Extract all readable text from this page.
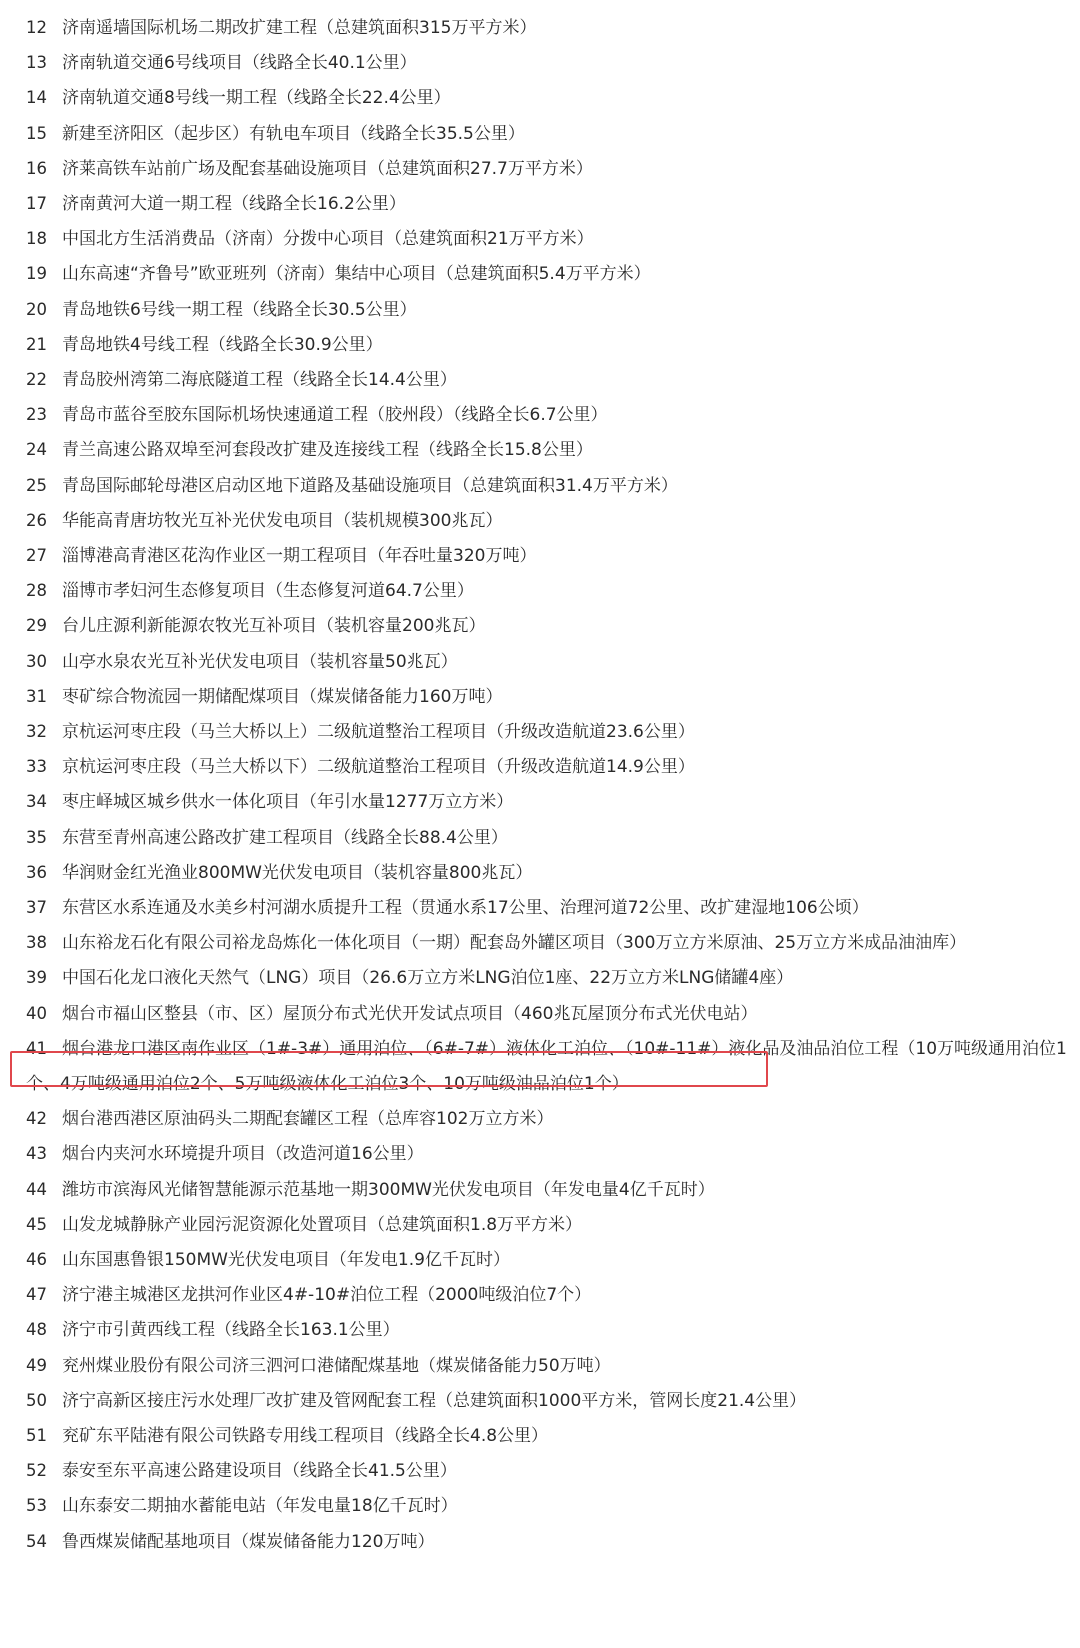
12 济南遥墙国际机场二期改扩建工程（总建筑面积315万平方米）
13 济南轨道交通6号线项目（线路全长40.1公里）
14 济南轨道交通8号线一期工程（线路全长22.4公里）
15 新建至济阳区（起步区）有轨电车项目（线路全长35.5公里）
16 济莱高铁车站前广场及配套基础设施项目（总建筑面积27.7万平方米）
17 济南黄河大道一期工程（线路全长16.2公里）
18 中国北方生活消费品（济南）分拨中心项目（总建筑面积21万平方米）
19 山东高速“齐鲁号”欧亚班列（济南）集结中心项目（总建筑面积5.4万平方米）
20 青岛地铁6号线一期工程（线路全长30.5公里）
21 青岛地铁4号线工程（线路全长30.9公里）
22 青岛胶州湾第二海底隧道工程（线路全长14.4公里）
23 青岛市蓝谷至胶东国际机场快速通道工程（胶州段）（线路全长6.7公里）
24 青兰高速公路双埠至河套段改扩建及连接线工程（线路全长15.8公里）
25 青岛国际邮轮母港区启动区地下道路及基础设施项目（总建筑面积31.4万平方米）
26 华能高青唐坊牧光互补光伏发电项目（装机规模300兆瓦）
27 淄博港高青港区花沟作业区一期工程项目（年吞吐量320万吨）
28 淄博市孝妇河生态修复项目（生态修复河道64.7公里）
29 台儿庄源利新能源农牧光互补项目（装机容量200兆瓦）
30 山亭水泉农光互补光伏发电项目（装机容量50兆瓦）
31 枣矿综合物流园一期储配煤项目（煤炭储备能力160万吨）
32 京杭运河枣庄段（马兰大桥以上）二级航道整治工程项目（升级改造航道23.6公里）
33 京杭运河枣庄段（马兰大桥以下）二级航道整治工程项目（升级改造航道14.9公里）
34 枣庄峄城区城乡供水一体化项目（年引水量1277万立方米）
35 东营至青州高速公路改扩建工程项目（线路全长88.4公里）
36 华润财金红光渔业800MW光伏发电项目（装机容量800兆瓦）
37 东营区水系连通及水美乡村河湖水质提升工程（贯通水系17公里、治理河道72公里、改扩建湿地106公顷）
38 山东裕龙石化有限公司裕龙岛炼化一体化项目（一期）配套岛外罐区项目（300万立方米原油、25万立方米成品油油库）
39 中国石化龙口液化天然气（LNG）项目（26.6万立方米LNG泊位1座、22万立方米LNG储罐4座）
40 烟台市福山区整县（市、区）屋顶分布式光伏开发试点项目（460兆瓦屋顶分布式光伏电站）
41 烟台港龙口港区南作业区（1#-3#）通用泊位、（6#-7#）液体化工泊位、（10#-11#）液化品及油品泊位工程（10万吨级通用泊位1
个、4万吨级通用泊位2个、5万吨级液体化工泊位3个、10万吨级油品泊位1个）
42 烟台港西港区原油码头二期配套罐区工程（总库容102万立方米）
43 烟台内夹河水环境提升项目（改造河道16公里）
44 潍坊市滨海风光储智慧能源示范基地一期300MW光伏发电项目（年发电量4亿千瓦时）
45 山发龙城静脉产业园污泥资源化处置项目（总建筑面积1.8万平方米）
46 山东国惠鲁银150MW光伏发电项目（年发电1.9亿千瓦时）
47 济宁港主城港区龙拱河作业区4#-10#泊位工程（2000吨级泊位7个）
48 济宁市引黄西线工程（线路全长163.1公里）
49 兖州煤业股份有限公司济三泗河口港储配煤基地（煤炭储备能力50万吨）
50 济宁高新区接庄污水处理厂改扩建及管网配套工程（总建筑面积1000平方米，管网长度21.4公里）
51 兖矿东平陆港有限公司铁路专用线工程项目（线路全长4.8公里）
52 泰安至东平高速公路建设项目（线路全长41.5公里）
53 山东泰安二期抽水蓄能电站（年发电量18亿千瓦时）
54 鲁西煤炭储配基地项目（煤炭储备能力120万吨）
